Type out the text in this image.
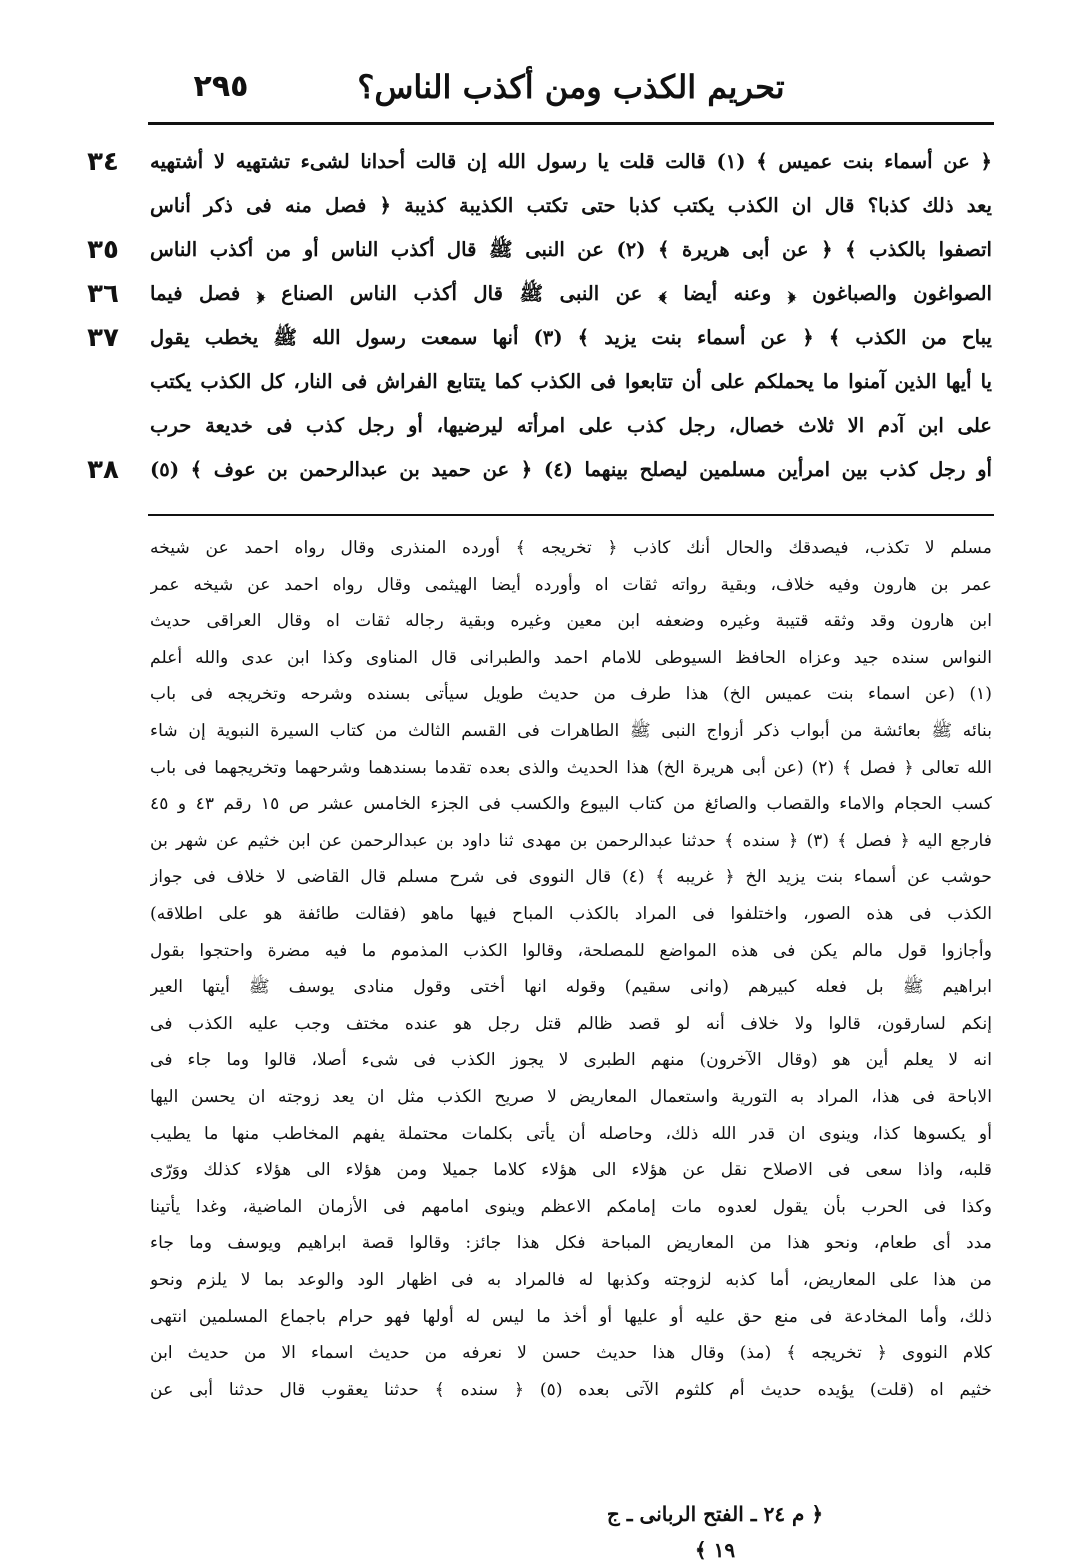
تحريم الكذب ومن أكذب الناس؟
٢٩٥
﴿ عن أسماء بنت عميس ﴾ (١) قالت قلت يا رسول الله إن قالت أحدانا لشىء تشتهيه لا أشتهيه
يعد ذلك كذبا؟ قال ان الكذب يكتب كذبا حتى تكتب الكذيبة كذيبة ﴿ فصل منه فى ذكر أناس
اتصفوا بالكذب ﴾ ﴿ عن أبى هريرة ﴾ (٢) عن النبى ﷺ قال أكذب الناس أو من أكذب الناس
الصواغون والصباغون ﴿ وعنه أيضا ﴾ عن النبى ﷺ قال أكذب الناس الصناع ﴿ فصل فيما
يباح من الكذب ﴾ ﴿ عن أسماء بنت يزيد ﴾ (٣) أنها سمعت رسول الله ﷺ يخطب يقول
يا أيها الذين آمنوا ما يحملكم على أن تتابعوا فى الكذب كما يتتابع الفراش فى النار، كل الكذب يكتب
على ابن آدم الا ثلاث خصال، رجل كذب على امرأته ليرضيها، أو رجل كذب فى خديعة حرب
أو رجل كذب بين امرأين مسلمين ليصلح بينهما (٤) ﴿ عن حميد بن عبدالرحمن بن عوف ﴾ (٥)
٣٤
٣٥
٣٦
٣٧
٣٨
مسلم لا تكذب، فيصدقك والحال أنك كاذب ﴿ تخريجه ﴾ أورده المنذرى وقال رواه احمد عن شيخه
عمر بن هارون وفيه خلاف، وبقية رواته ثقات اه وأورده أيضا الهيثمى وقال رواه احمد عن شيخه عمر
ابن هارون وقد وثقه قتيبة وغيره وضعفه ابن معين وغيره وبقية رجاله ثقات اه وقال العراقى حديث
النواس سنده جيد وعزاه الحافظ السيوطى للامام احمد والطبرانى قال المناوى وكذا ابن عدى والله أعلم
(١) (عن اسماء بنت عميس الخ) هذا طرف من حديث طويل سيأتى بسنده وشرحه وتخريجه فى باب
بنائه ﷺ بعائشة من أبواب ذكر أزواج النبى ﷺ الطاهرات فى القسم الثالث من كتاب السيرة النبوية إن شاء
الله تعالى ﴿ فصل ﴾ (٢) (عن أبى هريرة الخ) هذا الحديث والذى بعده تقدما بسندهما وشرحهما وتخريجهما فى باب
كسب الحجام والاماء والقصاب والصائغ من كتاب البيوع والكسب فى الجزء الخامس عشر ص ١٥ رقم ٤٣ و ٤٥
فارجع اليه ﴿ فصل ﴾ (٣) ﴿ سنده ﴾ حدثنا عبدالرحمن بن مهدى ثنا داود بن عبدالرحمن عن ابن خثيم عن شهر بن
حوشب عن أسماء بنت يزيد الخ ﴿ غريبه ﴾ (٤) قال النووى فى شرح مسلم قال القاضى لا خلاف فى جواز
الكذب فى هذه الصور، واختلفوا فى المراد بالكذب المباح فيها ماهو (فقالت طائفة هو على اطلاقه)
وأجازوا قول مالم يكن فى هذه المواضع للمصلحة، وقالوا الكذب المذموم ما فيه مضرة واحتجوا بقول
ابراهيم ﷺ بل فعله كبيرهم (وانى سقيم) وقوله انها أختى وقول منادى يوسف ﷺ أيتها العير
إنكم لسارقون، قالوا ولا خلاف أنه لو قصد ظالم قتل رجل هو عنده مختف وجب عليه الكذب فى
انه لا يعلم أين هو (وقال الآخرون) منهم الطبرى لا يجوز الكذب فى شىء أصلا، قالوا وما جاء فى
الاباحة فى هذا، المراد به التورية واستعمال المعاريض لا صريح الكذب مثل ان يعد زوجته ان يحسن اليها
أو يكسوها كذا، وينوى ان قدر الله ذلك، وحاصله أن يأتى بكلمات محتملة يفهم المخاطب منها ما يطيب
قلبه، واذا سعى فى الاصلاح نقل عن هؤلاء الى هؤلاء كلاما جميلا ومن هؤلاء الى هؤلاء كذلك ووَرّى
وكذا فى الحرب بأن يقول لعدوه مات إمامكم الاعظم وينوى امامهم فى الأزمان الماضية، وغدا يأتينا
مدد أى طعام، ونحو هذا من المعاريض المباحة فكل هذا جائز: وقالوا قصة ابراهيم ويوسف وما جاء
من هذا على المعاريض، أما كذبه لزوجته وكذبها له فالمراد به فى اظهار الود والوعد بما لا يلزم ونحو
ذلك، وأما المخادعة فى منع حق عليه أو عليها أو أخذ ما ليس له أولها فهو حرام باجماع المسلمين انتهى
كلام النووى ﴿ تخريجه ﴾ (مذ) وقال هذا حديث حسن لا نعرفه من حديث اسماء الا من حديث ابن
خثيم اه (قلت) يؤيده حديث أم كلثوم الآتى بعده (٥) ﴿ سنده ﴾ حدثنا يعقوب قال حدثنا أبى عن
﴿ م ٢٤ ـ الفتح الربانى ـ ج ١٩ ﴾
